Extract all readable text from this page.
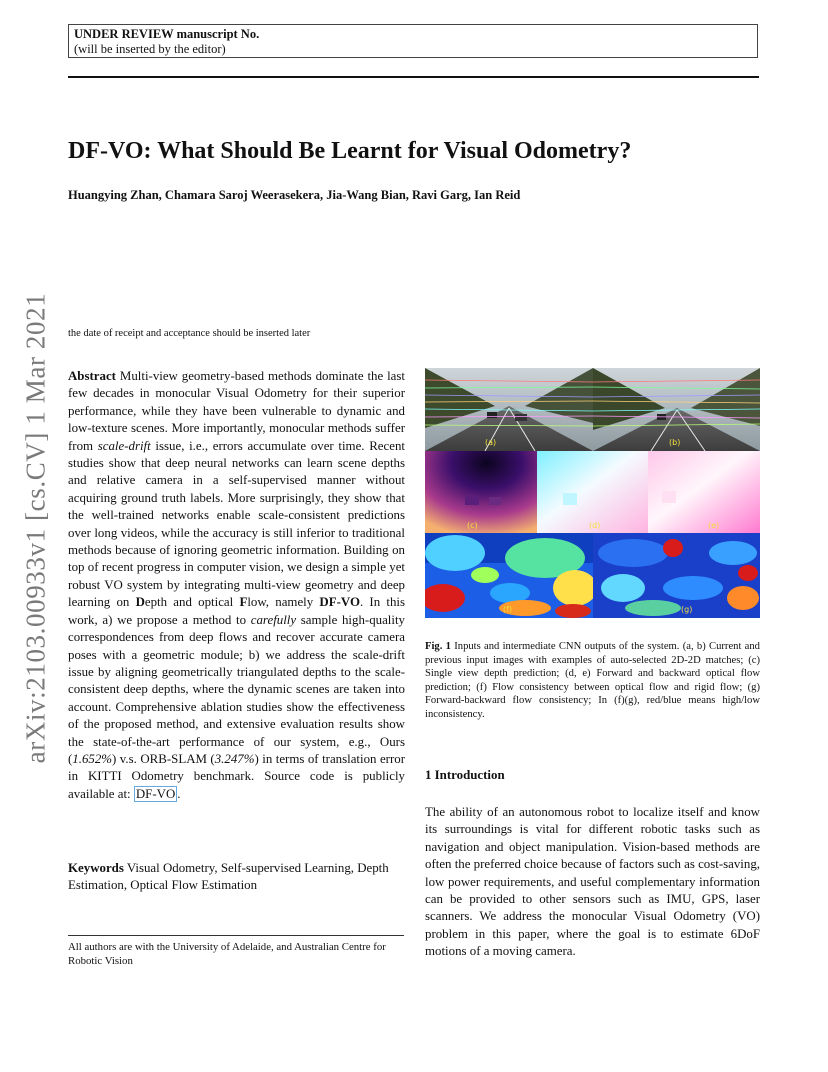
UNDER REVIEW manuscript No.
(will be inserted by the editor)
arXiv:2103.00933v1 [cs.CV] 1 Mar 2021
DF-VO: What Should Be Learnt for Visual Odometry?
Huangying Zhan, Chamara Saroj Weerasekera, Jia-Wang Bian, Ravi Garg, Ian Reid
the date of receipt and acceptance should be inserted later
Abstract Multi-view geometry-based methods dominate the last few decades in monocular Visual Odometry for their superior performance, while they have been vulnerable to dynamic and low-texture scenes. More importantly, monocular methods suffer from scale-drift issue, i.e., errors accumulate over time. Recent studies show that deep neural networks can learn scene depths and relative camera in a self-supervised manner without acquiring ground truth labels. More surprisingly, they show that the well-trained networks enable scale-consistent predictions over long videos, while the accuracy is still inferior to traditional methods because of ignoring geometric information. Building on top of recent progress in computer vision, we design a simple yet robust VO system by integrating multi-view geometry and deep learning on Depth and optical Flow, namely DF-VO. In this work, a) we propose a method to carefully sample high-quality correspondences from deep flows and recover accurate camera poses with a geometric module; b) we address the scale-drift issue by aligning geometrically triangulated depths to the scale-consistent deep depths, where the dynamic scenes are taken into account. Comprehensive ablation studies show the effectiveness of the proposed method, and extensive evaluation results show the state-of-the-art performance of our system, e.g., Ours (1.652%) v.s. ORB-SLAM (3.247%) in terms of translation error in KITTI Odometry benchmark. Source code is publicly available at: DF-VO .
Keywords Visual Odometry, Self-supervised Learning, Depth Estimation, Optical Flow Estimation
All authors are with the University of Adelaide, and Australian Centre for Robotic Vision
(a)	(b)
(c)	(d)	(e)
(f)	(g)
Fig. 1 Inputs and intermediate CNN outputs of the system. (a, b) Current and previous input images with examples of auto-selected 2D-2D matches; (c) Single view depth prediction; (d, e) Forward and backward optical flow prediction; (f) Flow consistency between optical flow and rigid flow; (g) Forward-backward flow consistency; In (f)(g), red/blue means high/low inconsistency.
1 Introduction
The ability of an autonomous robot to localize itself and know its surroundings is vital for different robotic tasks such as navigation and object manipulation. Vision-based methods are often the preferred choice because of factors such as cost-saving, low power requirements, and useful complementary information can be provided to other sensors such as IMU, GPS, laser scanners. We address the monocular Visual Odometry (VO) problem in this paper, where the goal is to estimate 6DoF motions of a moving camera.
